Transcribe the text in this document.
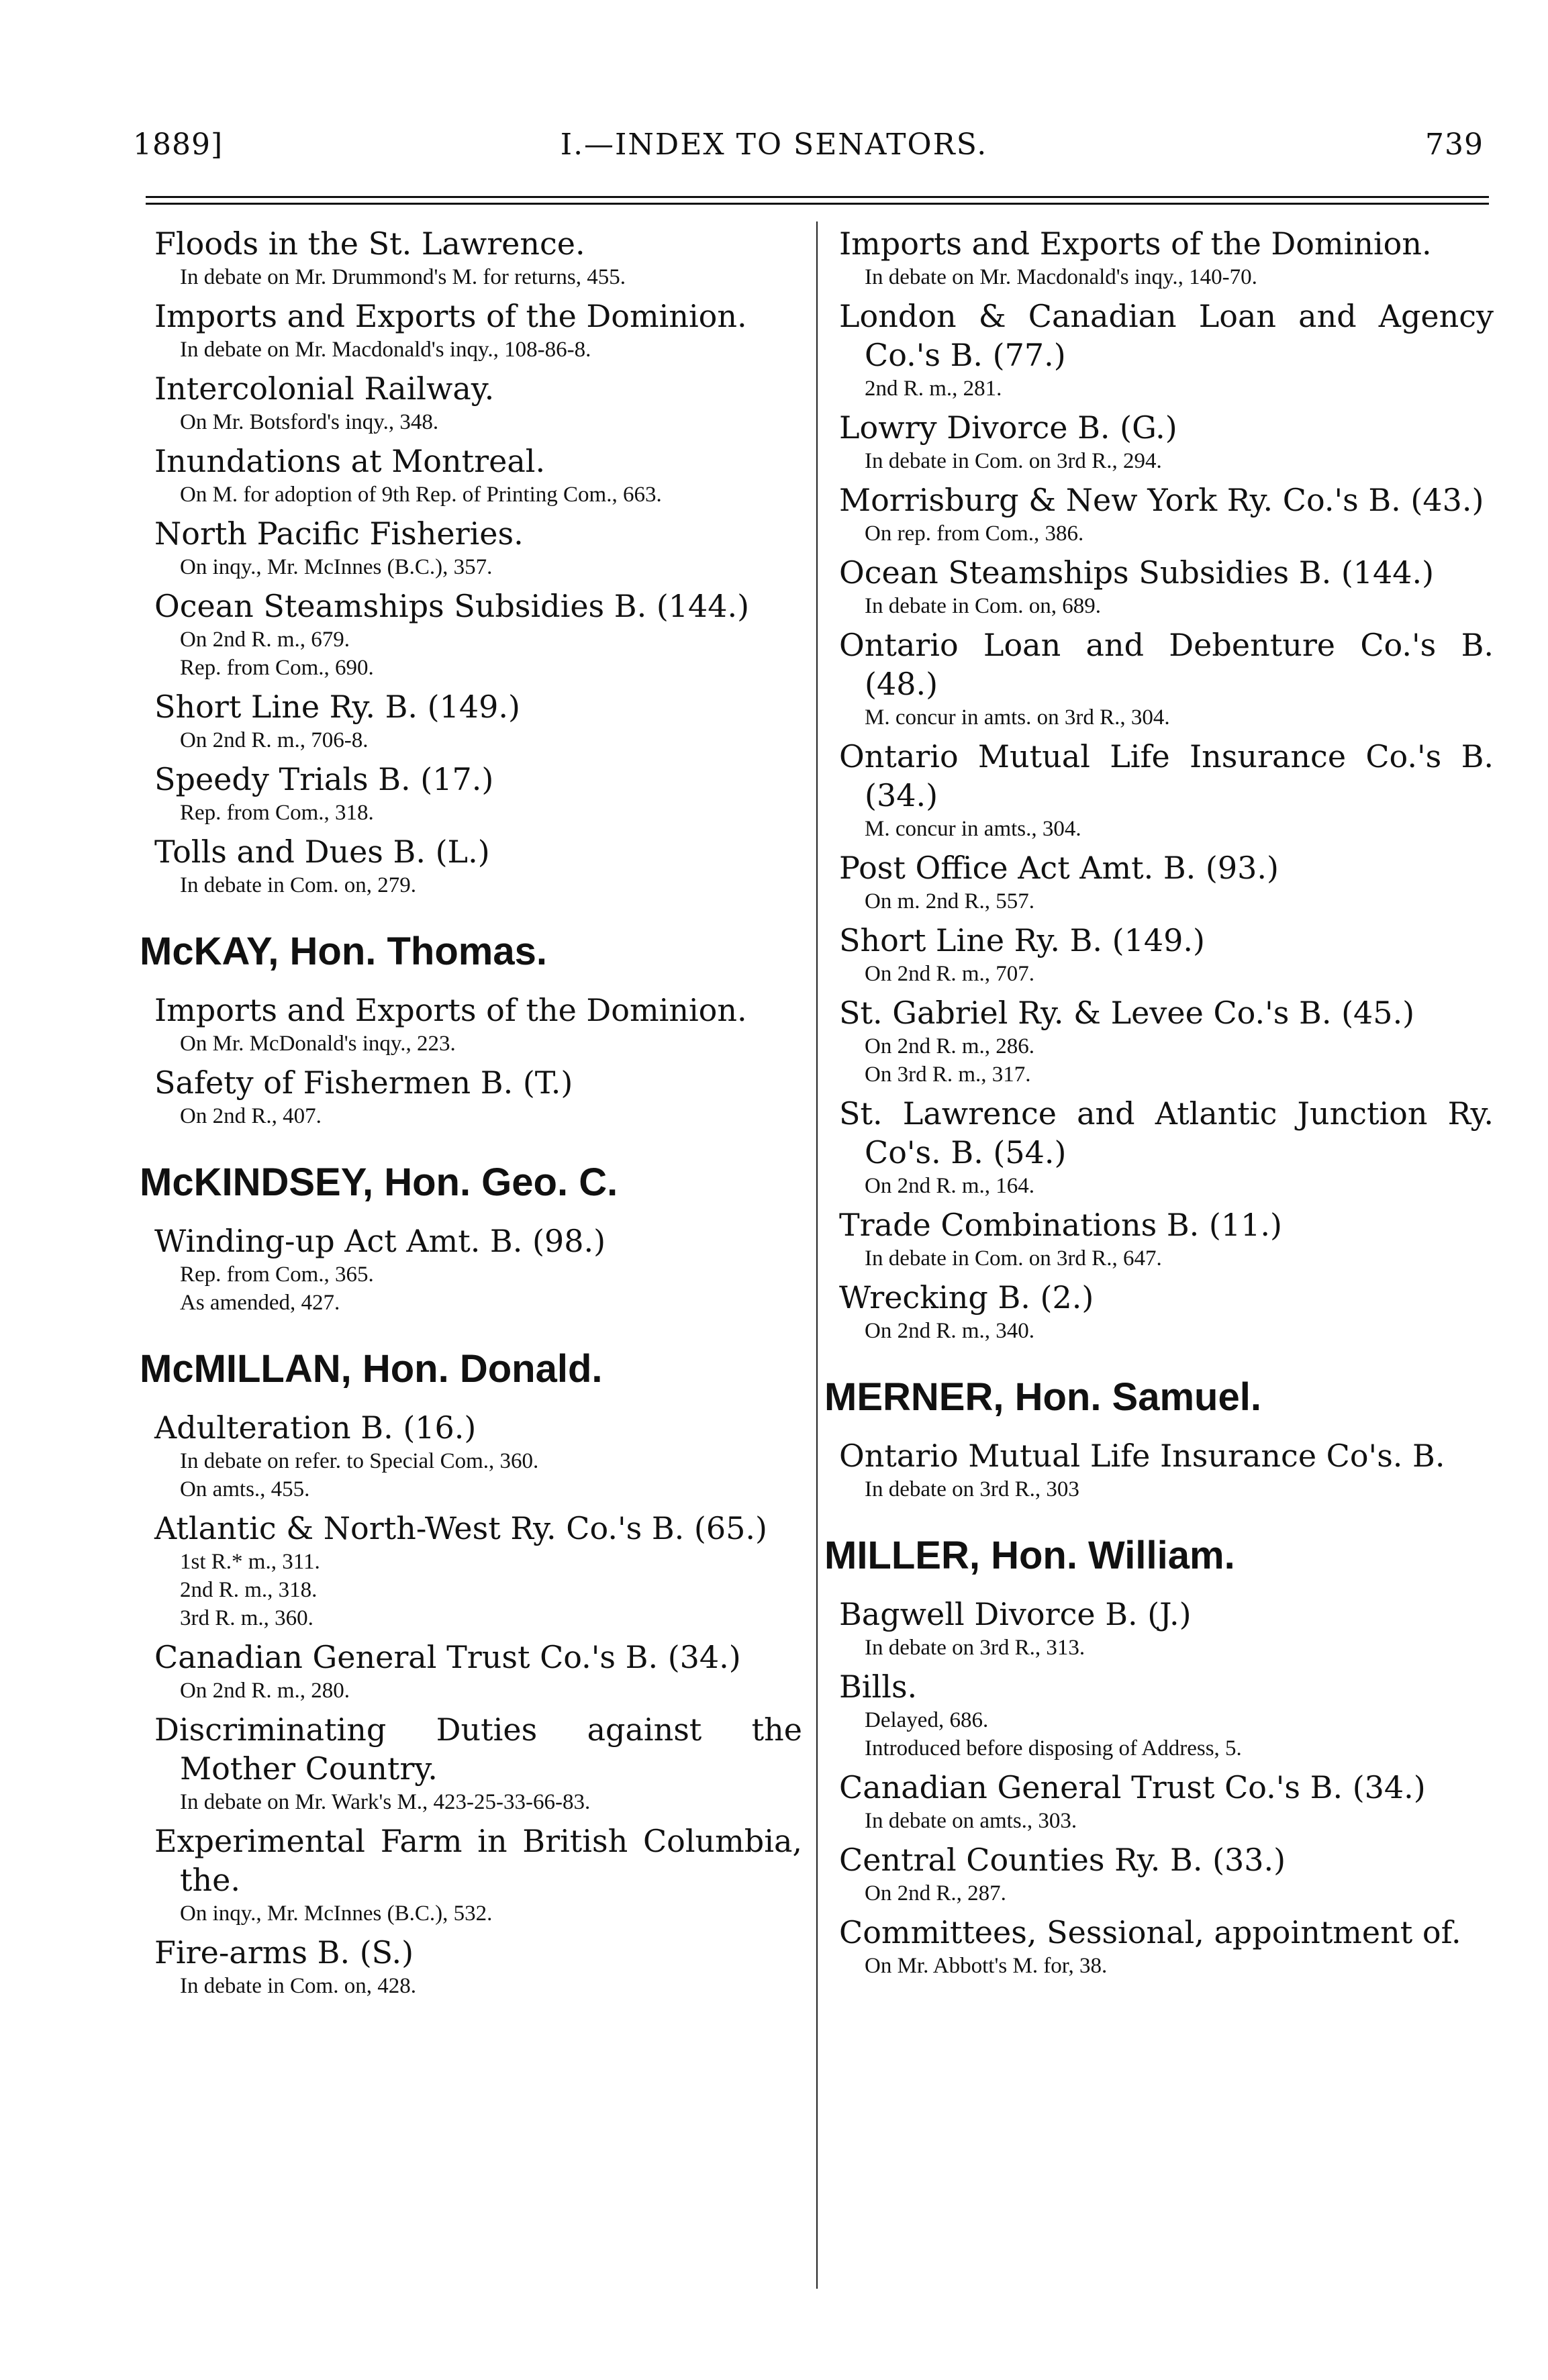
1889]	I.—INDEX TO SENATORS.	739
Floods in the St. Lawrence.
In debate on Mr. Drummond's M. for returns, 455.
Imports and Exports of the Dominion.
In debate on Mr. Macdonald's inqy., 108-86-8.
Intercolonial Railway.
On Mr. Botsford's inqy., 348.
Inundations at Montreal.
On M. for adoption of 9th Rep. of Printing Com., 663.
North Pacific Fisheries.
On inqy., Mr. McInnes (B.C.), 357.
Ocean Steamships Subsidies B. (144.)
On 2nd R. m., 679.
Rep. from Com., 690.
Short Line Ry. B. (149.)
On 2nd R. m., 706-8.
Speedy Trials B. (17.)
Rep. from Com., 318.
Tolls and Dues B. (L.)
In debate in Com. on, 279.
McKAY, Hon. Thomas.
Imports and Exports of the Dominion.
On Mr. McDonald's inqy., 223.
Safety of Fishermen B. (T.)
On 2nd R., 407.
McKINDSEY, Hon. Geo. C.
Winding-up Act Amt. B. (98.)
Rep. from Com., 365.
As amended, 427.
McMILLAN, Hon. Donald.
Adulteration B. (16.)
In debate on refer. to Special Com., 360.
On amts., 455.
Atlantic & North-West Ry. Co.'s B. (65.)
1st R.* m., 311.
2nd R. m., 318.
3rd R. m., 360.
Canadian General Trust Co.'s B. (34.)
On 2nd R. m., 280.
Discriminating Duties against the Mother Country.
In debate on Mr. Wark's M., 423-25-33-66-83.
Experimental Farm in British Columbia, the.
On inqy., Mr. McInnes (B.C.), 532.
Fire-arms B. (S.)
In debate in Com. on, 428.
Imports and Exports of the Dominion.
In debate on Mr. Macdonald's inqy., 140-70.
London & Canadian Loan and Agency Co.'s B. (77.)
2nd R. m., 281.
Lowry Divorce B. (G.)
In debate in Com. on 3rd R., 294.
Morrisburg & New York Ry. Co.'s B. (43.)
On rep. from Com., 386.
Ocean Steamships Subsidies B. (144.)
In debate in Com. on, 689.
Ontario Loan and Debenture Co.'s B. (48.)
M. concur in amts. on 3rd R., 304.
Ontario Mutual Life Insurance Co.'s B. (34.)
M. concur in amts., 304.
Post Office Act Amt. B. (93.)
On m. 2nd R., 557.
Short Line Ry. B. (149.)
On 2nd R. m., 707.
St. Gabriel Ry. & Levee Co.'s B. (45.)
On 2nd R. m., 286.
On 3rd R. m., 317.
St. Lawrence and Atlantic Junction Ry. Co's. B. (54.)
On 2nd R. m., 164.
Trade Combinations B. (11.)
In debate in Com. on 3rd R., 647.
Wrecking B. (2.)
On 2nd R. m., 340.
MERNER, Hon. Samuel.
Ontario Mutual Life Insurance Co's. B.
In debate on 3rd R., 303
MILLER, Hon. William.
Bagwell Divorce B. (J.)
In debate on 3rd R., 313.
Bills.
Delayed, 686.
Introduced before disposing of Address, 5.
Canadian General Trust Co.'s B. (34.)
In debate on amts., 303.
Central Counties Ry. B. (33.)
On 2nd R., 287.
Committees, Sessional, appointment of.
On Mr. Abbott's M. for, 38.
